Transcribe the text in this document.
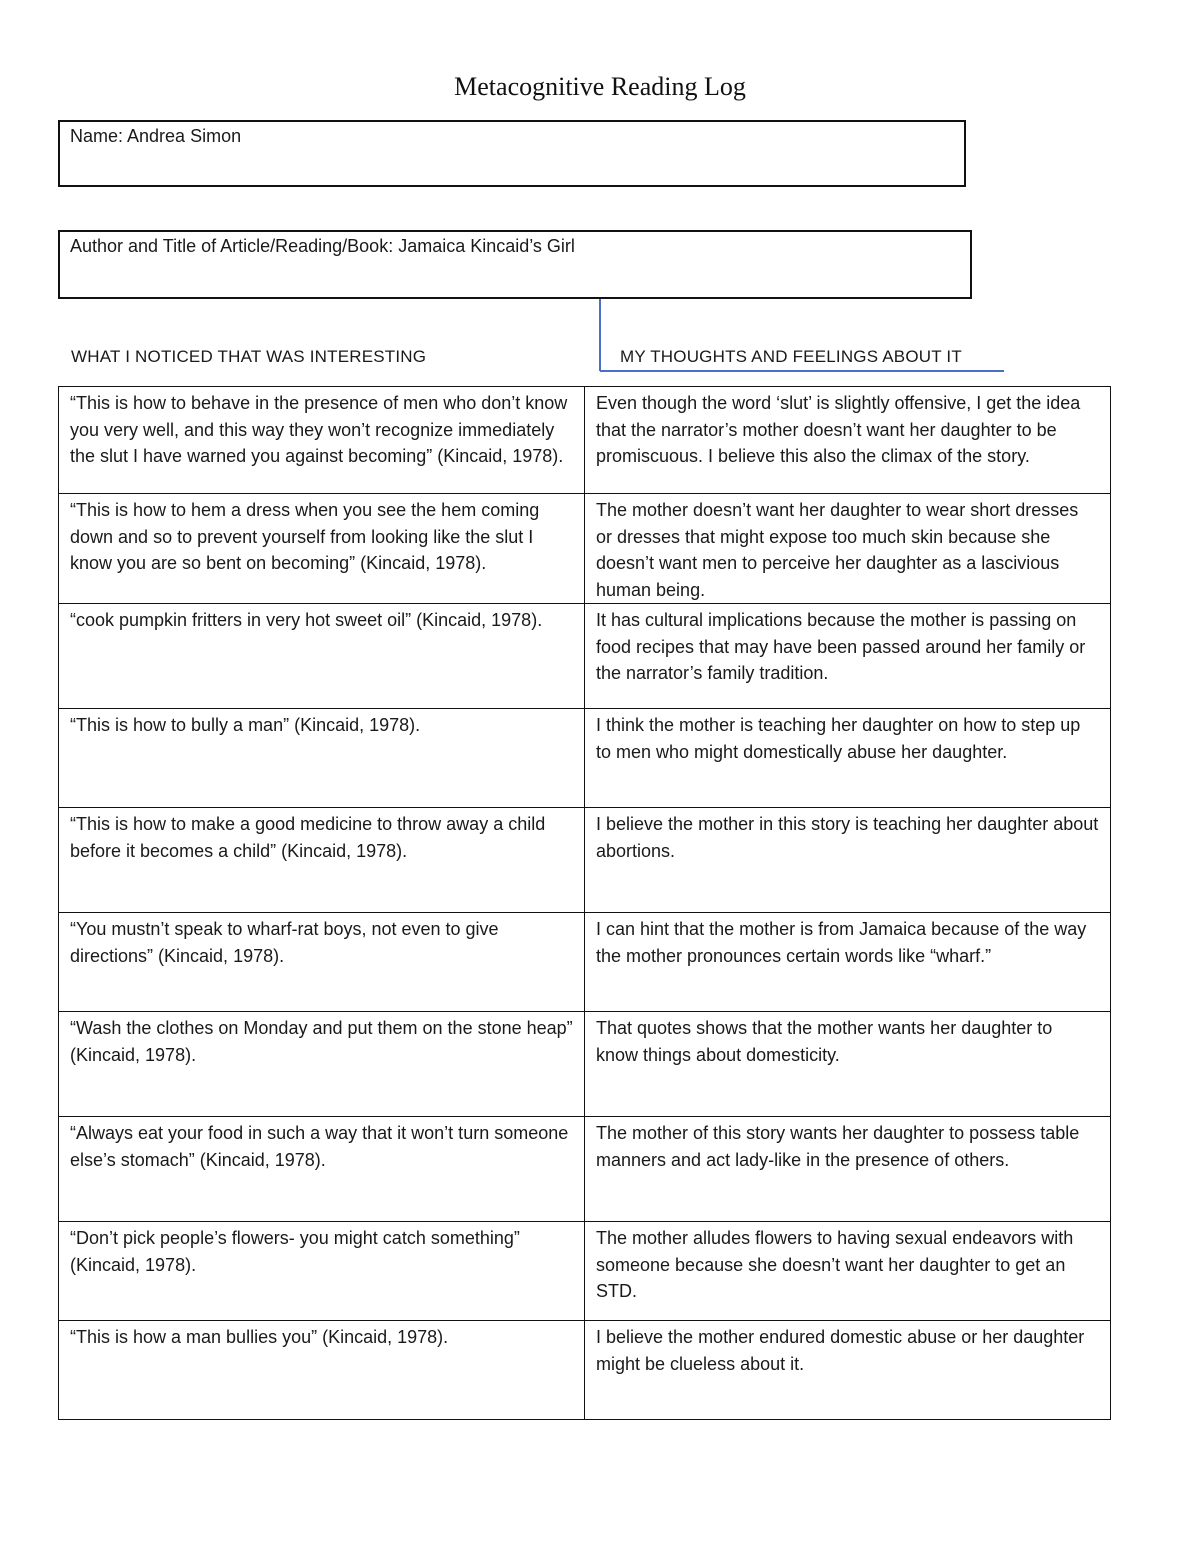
Metacognitive Reading Log
Name: Andrea Simon
Author and Title of Article/Reading/Book: Jamaica Kincaid’s Girl
WHAT I NOTICED THAT WAS INTERESTING	MY THOUGHTS AND FEELINGS ABOUT IT
“This is how to behave in the presence of men who don’t know you very well, and this way they won’t recognize immediately the slut I have warned you against becoming” (Kincaid, 1978).	Even though the word ‘slut’ is slightly offensive, I get the idea that the narrator’s mother doesn’t want her daughter to be promiscuous. I believe this also the climax of the story.
“This is how to hem a dress when you see the hem coming down and so to prevent yourself from looking like the slut I know you are so bent on becoming” (Kincaid, 1978).	The mother doesn’t want her daughter to wear short dresses or dresses that might expose too much skin because she doesn’t want men to perceive her daughter as a lascivious human being.
“cook pumpkin fritters in very hot sweet oil” (Kincaid, 1978).	It has cultural implications because the mother is passing on food recipes that may have been passed around her family or the narrator’s family tradition.
“This is how to bully a man” (Kincaid, 1978).	I think the mother is teaching her daughter on how to step up to men who might domestically abuse her daughter.
“This is how to make a good medicine to throw away a child before it becomes a child” (Kincaid, 1978).	I believe the mother in this story is teaching her daughter about abortions.
“You mustn’t speak to wharf-rat boys, not even to give directions” (Kincaid, 1978).	I can hint that the mother is from Jamaica because of the way the mother pronounces certain words like “wharf.”
“Wash the clothes on Monday and put them on the stone heap” (Kincaid, 1978).	That quotes shows that the mother wants her daughter to know things about domesticity.
“Always eat your food in such a way that it won’t turn someone else’s stomach” (Kincaid, 1978).	The mother of this story wants her daughter to possess table manners and act lady-like in the presence of others.
“Don’t pick people’s flowers- you might catch something” (Kincaid, 1978).	The mother alludes flowers to having sexual endeavors with someone because she doesn’t want her daughter to get an STD.
“This is how a man bullies you” (Kincaid, 1978).	I believe the mother endured domestic abuse or her daughter might be clueless about it.
